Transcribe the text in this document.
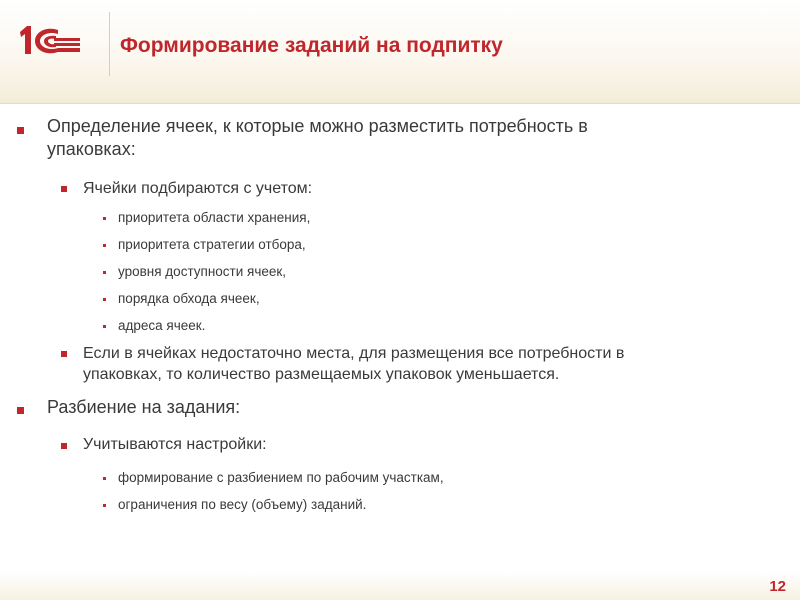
Формирование заданий на подпитку
Определение ячеек, к которые можно разместить потребность в
упаковках:
Ячейки подбираются с учетом:
приоритета области хранения,
приоритета стратегии отбора,
уровня доступности ячеек,
порядка обхода ячеек,
адреса ячеек.
Если в ячейках недостаточно места, для размещения все потребности в
упаковках, то количество размещаемых упаковок уменьшается.
Разбиение на задания:
Учитываются настройки:
формирование с разбиением по рабочим участкам,
ограничения по весу (объему) заданий.
12
